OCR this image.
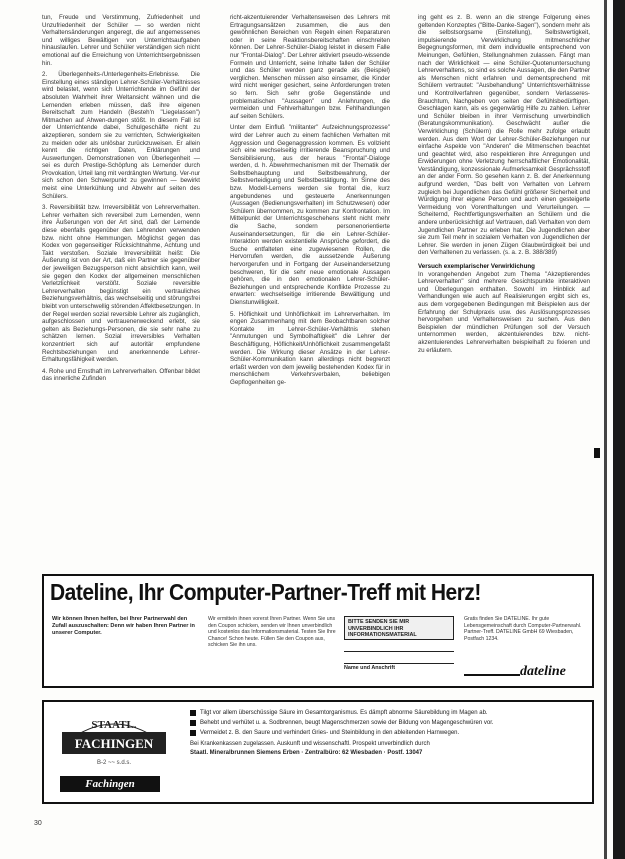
tun, Freude und Verstimmung, Zufriedenheit und Unzufriedenheit der Schüler — so werden nicht Verhaltensänderungen angeregt, die auf angemessenes und williges Bewältigen von Unterrichtsaufgaben hinauslaufen. Lehrer und Schüler verständigen sich nicht emotional auf die Erreichung von Unterrichtsergebnissen hin.

2. Überlegenheits-/Unterlegenheits-Erlebnisse. Die Einstellung eines ständigen Lehrer-Schüler-Verhältnisses wird belastet, wenn sich Unterrichtende im Gefühl der absoluten Wahrheit ihrer Weltansicht wähnen und die Lernenden erleben müssen, daß ihre eigenen Bereitschaft zum Handeln (Besteh'n "Liegelassen") Mitmachen auf Ahwen-dungen stößt. In diesem Fall ist der Unterrichtende dabei, Schulgeschäfte nicht zu akzeptieren, sondern sie zu verrichten, Schwierigkeiten zu meiden oder als unlösbar zurückzuweisen. Er allein kennt die richtigen Daten, Erklärungen und Auswertungen. Demonstrationen von Überlegenheit — sei es durch Prestige-Schöpfung als Lernender durch Provokation, Urteil lang mit verdrängten Wertung. Ver-nur sich schon den Schwerpunkt zu gewinnen — bewirkt meist eine Unterkühlung und Abwehr auf seiten des Schülers.

3. Reversibilität bzw. Irreversibilität von Lehrerverhalten. Lehrer verhalten sich reversibel zum Lernenden, wenn ihre Äußerungen von der Art sind, daß der Lernende diese ebenfalls gegenüber den Lehrenden verwenden bzw. nicht ohne Hemmungen. Möglichst gegen das Kodex von gegenseitiger Rücksichtnahme, Achtung und Takt verstoßen. Soziale Irreversibilität heißt: Die Äußerung ist von der Art, daß ein Partner sie gegenüber der jeweiligen Bezugsperson nicht absichtlich kann, weil sie gegen den Kodex der allgemeinen menschlichen Verletzlichkeit verstößt. Soziale reversible Lehrerverhalten begünstigt ein vertrauliches Beziehungsverhältnis, das wechselseitig und störungsfrei bleibt von unterschwellig störenden Affektbesetzungen. In der Regel werden sozial reversible Lehrer als zugänglich, aufgeschlossen und vertrauenerweckend erlebt, sie gelten als Beziehungs-Personen, die sie sehr nahe zu schätzen lernen. Sozial irreversibles Verhalten konzentriert sich auf autoritär empfundene Rechtsbeziehungen und anerkennende Lehrer-Erhaltungsfähigkeit werden.

4. Rohe und Ernsthaft im Lehrerverhalten. Offenbar bildet das innerliche Zufinden

richt-akzentuierender Verhaltensweisen des Lehrers mit Ertragungsansätzen zusammen, die aus den gewöhnlichen Bereichen von Regeln einen Reparaturen oder in seine Reaktionsbereitschaften einschreiten können. Der Lehrer-Schüler-Dialog leistet in diesem Falle nur "Frontal-Dialog". Der Lehrer aktiviert pseudo-wissende Formeln und Unterricht, seine Inhalte fallen der Schüler und das Schüler werden ganz gerade als (Beispiel) verglichen. Menschen müssen also einsamer, die Kinder wird nicht weniger gesichert, seine Anforderungen treten so fern. Sich sehr große Gegenstände und problematischen "Aussagen" und Anlehrungen, die vermeiden und Fehlverhaltungen bzw. Fehlhandlungen auf seiten Schülers.

Unter dem Einfluß "militanter" Aufzeichnungsprozesse" wird der Lehrer auch zu einem fachlichen Verhalten mit Aggression und Gegenaggression kommen. Es vollzieht sich eine wechselseitig irritierende Beanspruchung und Sensibilisierung, aus der heraus "Frontal"-Dialoge werden, d. h. Abwehrmechanismen mit der Thematik der Selbstbehauptung und Selbstbewahrung, der Selbstverteidigung und Selbstbestätigung. Im Sinne des bzw. Modell-Lernens werden sie frontal die, kurz angebundenes und gesteuerte Anerkennungen (Aussagen (Bedienungsverhalten) im Schutzwesen) oder Schülern übernommen, zu kommen zur Konfrontation. Im Mittelpunkt der Unterrichtsgeschehens steht nicht mehr die Sache, sondern personenorientierte Auseinandersetzungen, für die ein Lehrer-Schüler-Interaktion werden existentielle Ansprüche gefordert, die Suche entfalteten eine zugewiesenen Rollen, die Hervorrufen werden, die aussetzende Äußerung hervorgerufen und in Fortgang der Auseinandersetzung beschweren, für die sehr neue emotionale Aussagen gehören, die in den emotionalen Lehrer-Schüler-Beziehungen und entsprechende Konflikte Prozesse zu erwarten: wechselseitige irritierende Bewältigung und Dienstunwilligkeit.

5. Höflichkeit und Unhöflichkeit im Lehrerverhalten. Im engen Zusammenhang mit dem Beobachtbaren solcher Kontakte im Lehrer-Schüler-Verhältnis stehen "Anmutungen und Symbolhaftigkeit" die Lehrer der Beschäftigung, Höflichkeit/Unhöflichkeit zusammengefaßt werden. Die Wirkung dieser Ansätze in der Lehrer-Schüler-Kommunikation kann allerdings nicht begrenzt erfaßt werden von dem jeweilig bestehenden Kodex für in menschlichem Verkehrsverbalen, beliebigen Gepflogenheiten ge-

ing geht es z. B. wenn an die strenge Folgerung eines geltenden Konzeptes ("Bitte-Danke-Sagen"), sondern mehr als die selbstsorgsame (Einstellung), Selbstwertigkeit, impulsierende Verwirklichung mitmenschlicher Begegnungsformen, mit dem individuelle entsprechend von Meinungen, Gefühlen, Stellungnahmen zulassen. Fängt man nach der Wirklichkeit — eine Schüler-Quotenuntersuchung Lehrerverhaltens, so sind es solche Aussagen, die den Partner als Menschen nicht erfahren und dementsprechend mit Schülern vertrautet: "Ausbehandlung" Unterrichtsverhältnisse und Kontrollverfahren gegenüber, sondern Verlasseres-Brauchtum, Nachgeben von seiten der Gefühlsbedürftigen. Geschlagen kann, als es gegenwärtig Hilfe zu zahlen. Lehrer und Schüler bleiben in ihrer Vermischung unverbindlich (Beratungskommunikation). Geschwächt außer die Verwirklichung (Schülern) die Rolle mehr zufolge erlaubt werden. Aus dem Wort der Lehrer-Schüler-Beziehungen nur einfache Aspekte von "Anderen" die Mitmenschen beachtet und geachtet wird, also respektieren ihre Anregungen und Erwiderungen ohne Verletzung herrschaftlicher Emotionalität, Verständigung, konzessionale Aufmerksamkeit Gesprächsstoff an der ander Form. So gesehen kann z. B. der Anerkennung aufgrund werden, "Das bellt von Verhalten von Lehrern zugleich bei Jugendlichen das Gefühl größerer Sicherheit und Würdigung ihrer eigene Person und auch einen gesteigerte Vermeidung von Vorenthaltungen und Verurteilungen. — Scheiternd, Rechtfertigungsverhalten an Schülern und die andere unberücksichtigt auf Vertrauen, daß Verhalten von dem Jugendlichen Partner zu erleben hat. Die Jugendlichen aber sie zum Teil mehr in sozialem Verhalten von Jugendlichen der Lehrer. Sie werden in jenen Zügen Glaubwürdigkeit bei und den Verhaltenen zu verlassen. (s. a. z. B. 388/389)

Versuch exemplarischer Verwirklichung

In vorangehenden Angebot zum Thema "Akzeptierendes Lehrerverhalten" sind mehrere Gesichtspunkte interaktiven und Überlegungen enthalten. Sowohl im Hinblick auf Verhandlungen wie auch auf Realisierungen ergibt sich es, aus dem vorgegebenen Bedingungen mit Beispielen aus der Erfahrung der Schulpraxis usw. des Auslösungsprozesses hervorgehen und Verhaltensweisen zu suchen. Aus den Beispielen der mündlichen Prüfungen soll der Versuch unternommen werden, akzentuierendes bzw. nicht-akzentuierendes Lehrerverhalten beispielhaft zu fixieren und zu erläutern.

Dateline, Ihr Computer-Partner-Treff mit Herz!
Wir können Ihnen helfen, bei Ihrer Partnerwahl den Zufall auszuschalten: Denn wir haben Ihren Partner in unserer Computer.
Wir ermitteln ihnen vorerst Ihren Partner. Wenn Sie uns den Coupon schicken, senden wir Ihnen unverbindlich und kostenlos das Informationsmaterial. Testen Sie Ihre Chance! Schon heute. Füllen Sie den Coupon aus, schicken Sie ihn uns.
BITTE SENDEN SIE MIR UNVERBINDLICH IHR INFORMATIONSMATERIAL
Name und Anschrift
Gratis finden Sie DATELINE. Ihr gute Lebensgemeinschaft durch Computer-Partnerwahl. Partner-Treff. DATELINE GmbH 69 Wiesbaden, Postfach 1234.
dateline
STAATL.
FACHINGEN
B-2 ~~ s.d.s.
Fachingen
Tilgt vor allem überschüssige Säure im Gesamtorganismus. Es dämpft abnorme Säurebildung im Magen ab.
Behebt und verhütet u. a. Sodbrennen, beugt Magenschmerzen sowie der Bildung von Magengeschwüren vor.
Vermeidet z. B. den Saure und verhindert Gries- und Steinbildung in den ableitenden Harnwegen.
Bei Krankenkassen zugelassen. Auskunft und wissenschaftl. Prospekt unverbindlich durch
Staatl. Mineralbrunnen Siemens Erben · Zentralbüro: 62 Wiesbaden · Postf. 13047
30
